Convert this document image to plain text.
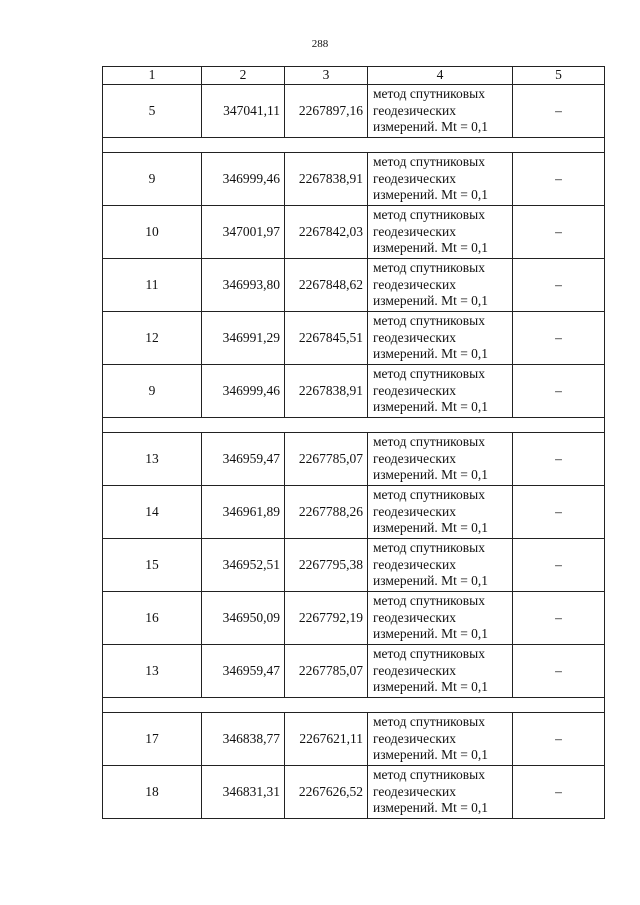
288
1	2	3	4	5
5	347041,11	2267897,16	метод спутниковых геодезических измерений. Mt = 0,1	–

9	346999,46	2267838,91	метод спутниковых геодезических измерений. Mt = 0,1	–
10	347001,97	2267842,03	метод спутниковых геодезических измерений. Mt = 0,1	–
11	346993,80	2267848,62	метод спутниковых геодезических измерений. Mt = 0,1	–
12	346991,29	2267845,51	метод спутниковых геодезических измерений. Mt = 0,1	–
9	346999,46	2267838,91	метод спутниковых геодезических измерений. Mt = 0,1	–

13	346959,47	2267785,07	метод спутниковых геодезических измерений. Mt = 0,1	–
14	346961,89	2267788,26	метод спутниковых геодезических измерений. Mt = 0,1	–
15	346952,51	2267795,38	метод спутниковых геодезических измерений. Mt = 0,1	–
16	346950,09	2267792,19	метод спутниковых геодезических измерений. Mt = 0,1	–
13	346959,47	2267785,07	метод спутниковых геодезических измерений. Mt = 0,1	–

17	346838,77	2267621,11	метод спутниковых геодезических измерений. Mt = 0,1	–
18	346831,31	2267626,52	метод спутниковых геодезических измерений. Mt = 0,1	–
